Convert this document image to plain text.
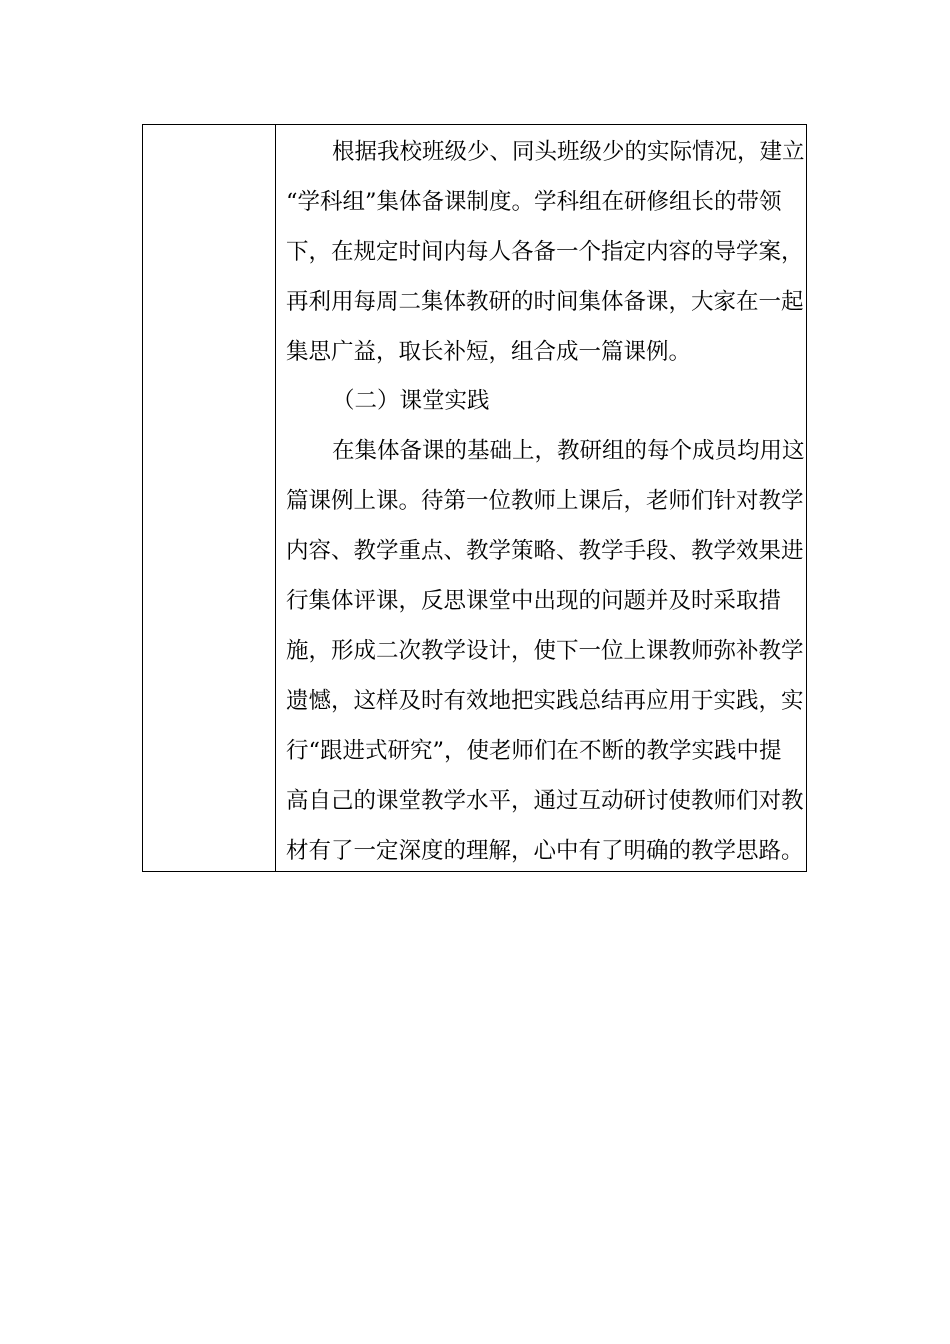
根据我校班级少、同头班级少的实际情况，建立
“学科组”集体备课制度。学科组在研修组长的带领
下，在规定时间内每人各备一个指定内容的导学案，
再利用每周二集体教研的时间集体备课，大家在一起
集思广益，取长补短，组合成一篇课例。
（二）课堂实践
在集体备课的基础上，教研组的每个成员均用这
篇课例上课。待第一位教师上课后，老师们针对教学
内容、教学重点、教学策略、教学手段、教学效果进
行集体评课，反思课堂中出现的问题并及时采取措
施，形成二次教学设计，使下一位上课教师弥补教学
遗憾，这样及时有效地把实践总结再应用于实践，实
行“跟进式研究”，使老师们在不断的教学实践中提
高自己的课堂教学水平，通过互动研讨使教师们对教
材有了一定深度的理解，心中有了明确的教学思路。
